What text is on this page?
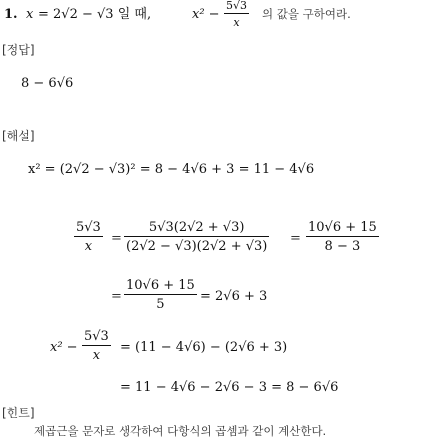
1. x = 2√2 − √3 일 때,	$x^2 - \frac{5√3}{x}$ 의 값을 구하여라.
[정답]
8 − 6√6
[해설]
x² = (2√2 − √3)² = 8 − 4√6 + 3 = 11 − 4√6
$\frac{5√3}{x} = \frac{5√3(2√2 + √3)}{(2√2 - √3)(2√2 + √3)} = \frac{10√6 + 15}{8 - 3}$
= $\frac{10√6 + 15}{5} = 2√6 + 3$
$x^2 - \frac{5√3}{x} = (11 - 4√6) - (2√6 + 3)$
= 11 − 4√6 − 2√6 − 3 = 8 − 6√6
[힌트]
제곱근을 문자로 생각하여 다항식의 곱셈과 같이 계산한다.
